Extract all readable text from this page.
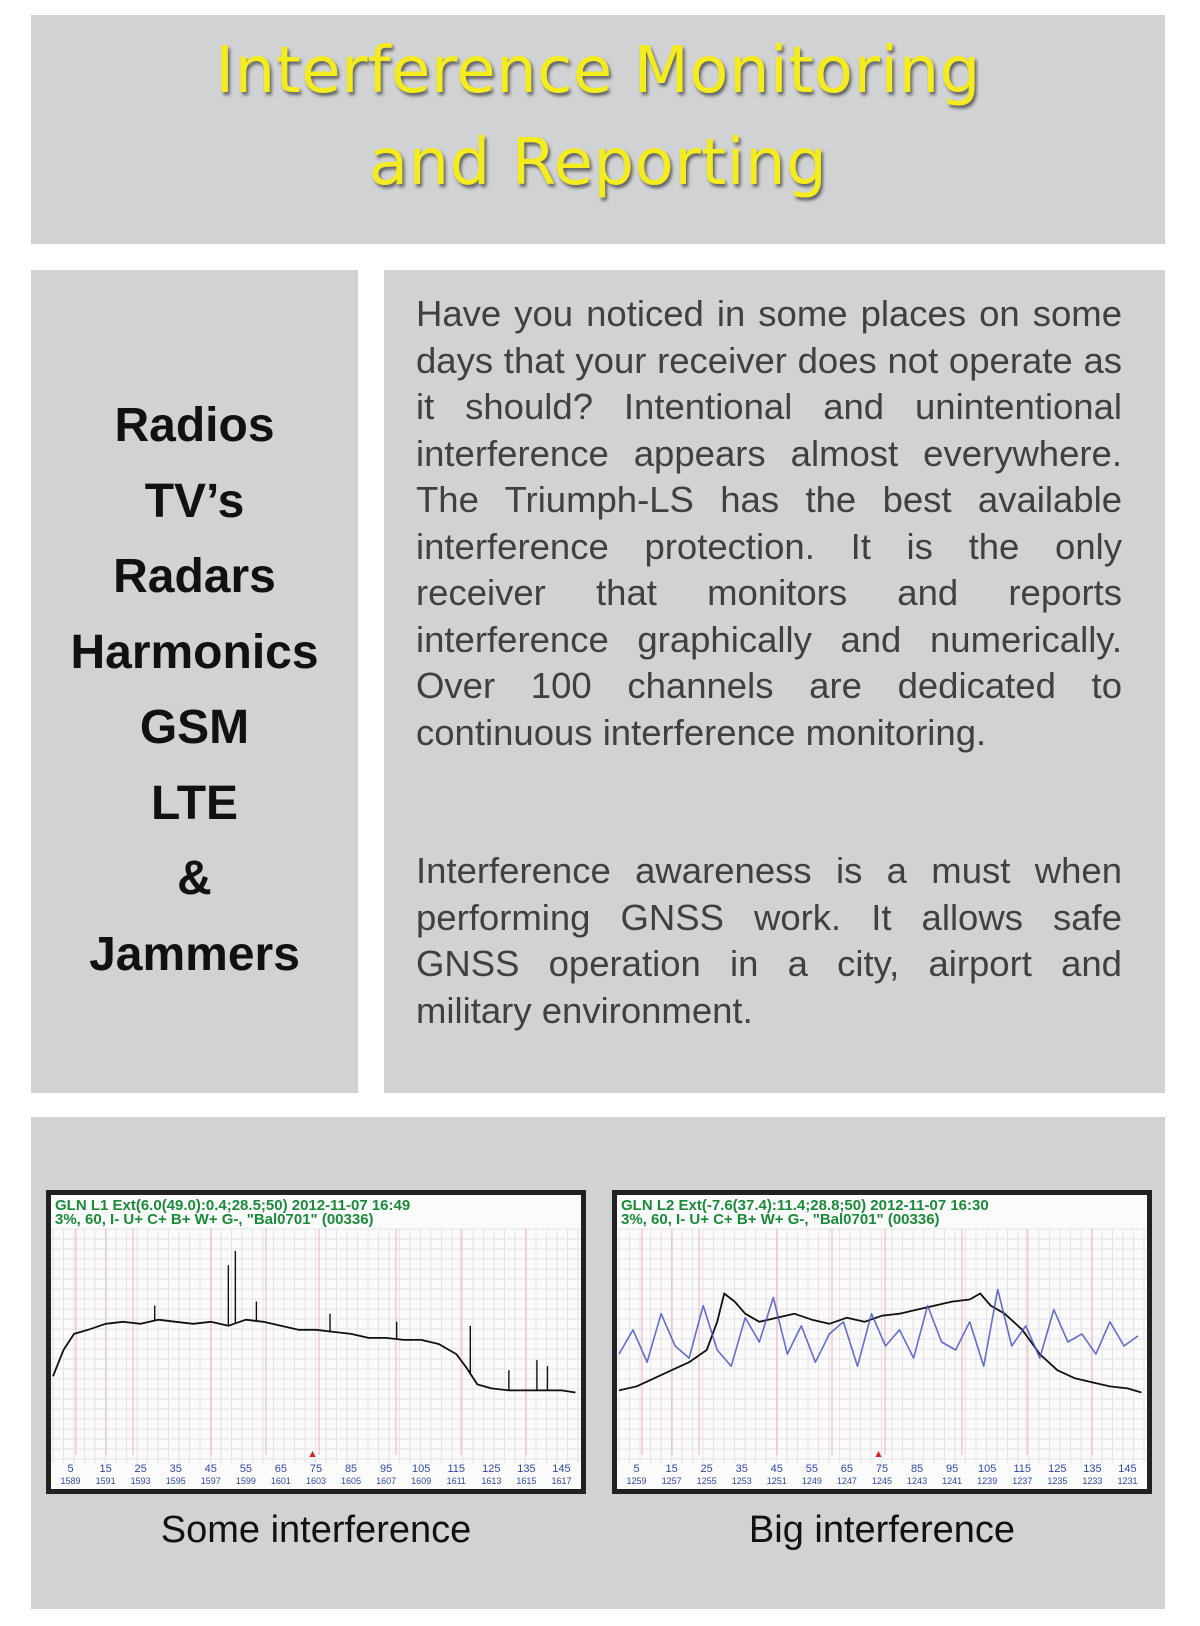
Interference Monitoring
and Reporting
Radios
TV’s
Radars
Harmonics
GSM
LTE
&
Jammers

Have you noticed in some places on some days that your receiver does not operate as it should? Intentional and unintentional interference appears almost everywhere. The Triumph-LS has the best available interference protection. It is the only receiver that monitors and reports interference graphically and numerically. Over 100 channels are dedicated to continuous interference monitoring.

Interference awareness is a must when performing GNSS work. It allows safe GNSS operation in a city, airport and military environment.

GLN L1 Ext(6.0(49.0):0.4;28.5;50) 2012-11-07 16:49
3%, 60, I- U+ C+ B+ W+ G-, "Bal0701" (00336)
5
1589
15
1591
25
1593
35
1595
45
1597
55
1599
65
1601
75
1603
85
1605
95
1607
105
1609
115
1611
125
1613
135
1615
145
1617

Some interference

GLN L2 Ext(-7.6(37.4):11.4;28.8;50) 2012-11-07 16:30
3%, 60, I- U+ C+ B+ W+ G-, "Bal0701" (00336)
5
1259
15
1257
25
1255
35
1253
45
1251
55
1249
65
1247
75
1245
85
1243
95
1241
105
1239
115
1237
125
1235
135
1233
145
1231

Big interference
